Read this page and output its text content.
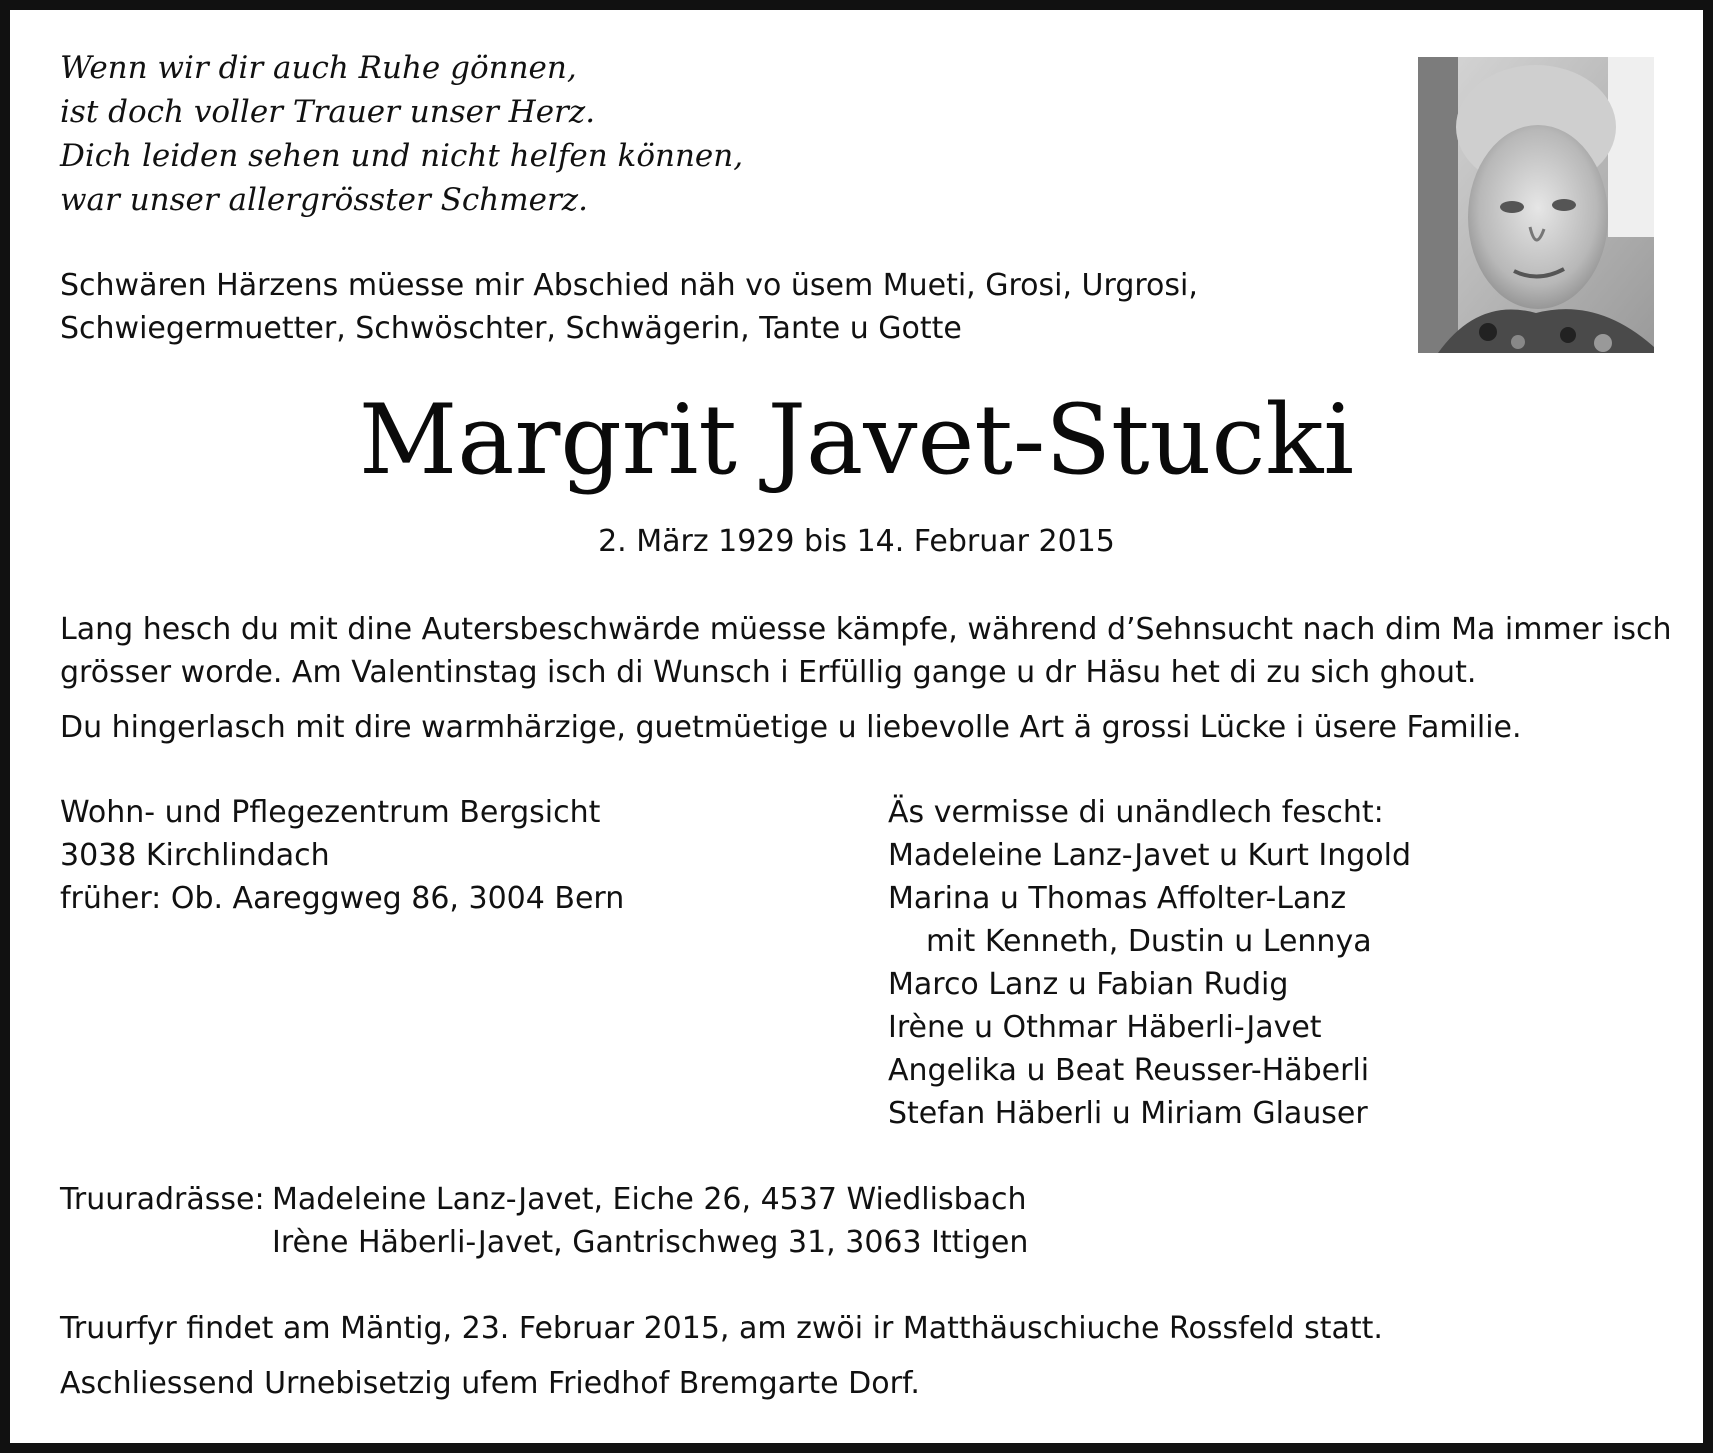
Wenn wir dir auch Ruhe gönnen,
ist doch voller Trauer unser Herz.
Dich leiden sehen und nicht helfen können,
war unser allergrösster Schmerz.
Schwären Härzens müesse mir Abschied näh vo üsem Mueti, Grosi, Urgrosi,
Schwiegermuetter, Schwöschter, Schwägerin, Tante u Gotte
Margrit Javet-Stucki
2. März 1929 bis 14. Februar 2015
Lang hesch du mit dine Autersbeschwärde müesse kämpfe, während d’Sehnsucht nach dim Ma immer isch
grösser worde. Am Valentinstag isch di Wunsch i Erfüllig gange u dr Häsu het di zu sich ghout.
Du hingerlasch mit dire warmhärzige, guetmüetige u liebevolle Art ä grossi Lücke i üsere Familie.
Wohn- und Pflegezentrum Bergsicht
3038 Kirchlindach
früher: Ob. Aareggweg 86, 3004 Bern
Äs vermisse di unändlech fescht:
Madeleine Lanz-Javet u Kurt Ingold
Marina u Thomas Affolter-Lanz
mit Kenneth, Dustin u Lennya
Marco Lanz u Fabian Rudig
Irène u Othmar Häberli-Javet
Angelika u Beat Reusser-Häberli
Stefan Häberli u Miriam Glauser
Truuradrässe: Madeleine Lanz-Javet, Eiche 26, 4537 Wiedlisbach
Irène Häberli-Javet, Gantrischweg 31, 3063 Ittigen
Truurfyr findet am Mäntig, 23. Februar 2015, am zwöi ir Matthäuschiuche Rossfeld statt.
Aschliessend Urnebisetzig ufem Friedhof Bremgarte Dorf.
